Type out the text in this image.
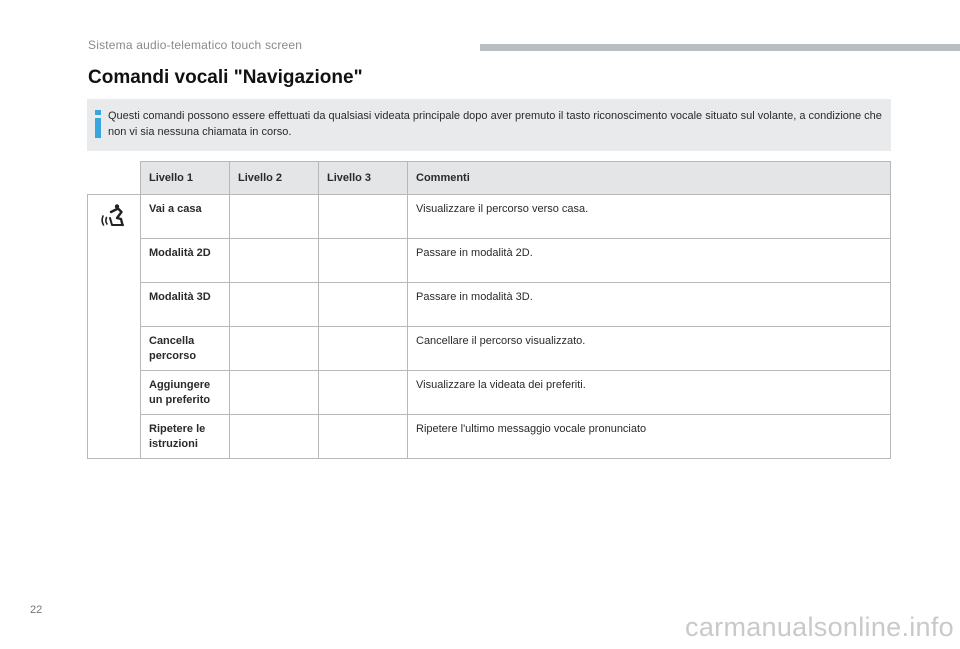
Sistema audio-telematico touch screen
Comandi vocali "Navigazione"

Questi comandi possono essere effettuati da qualsiasi videata principale dopo aver premuto il tasto riconoscimento vocale situato sul volante, a condizione che non vi sia nessuna chiamata in corso.

	Livello 1	Livello 2	Livello 3	Commenti

	Vai a casa			Visualizzare il percorso verso casa.
	Modalità 2D			Passare in modalità 2D.
	Modalità 3D			Passare in modalità 3D.
	Cancella percorso			Cancellare il percorso visualizzato.
	Aggiungere un preferito			Visualizzare la videata dei preferiti.
	Ripetere le istruzioni			Ripetere l'ultimo messaggio vocale pronunciato
22
carmanualsonline.info
